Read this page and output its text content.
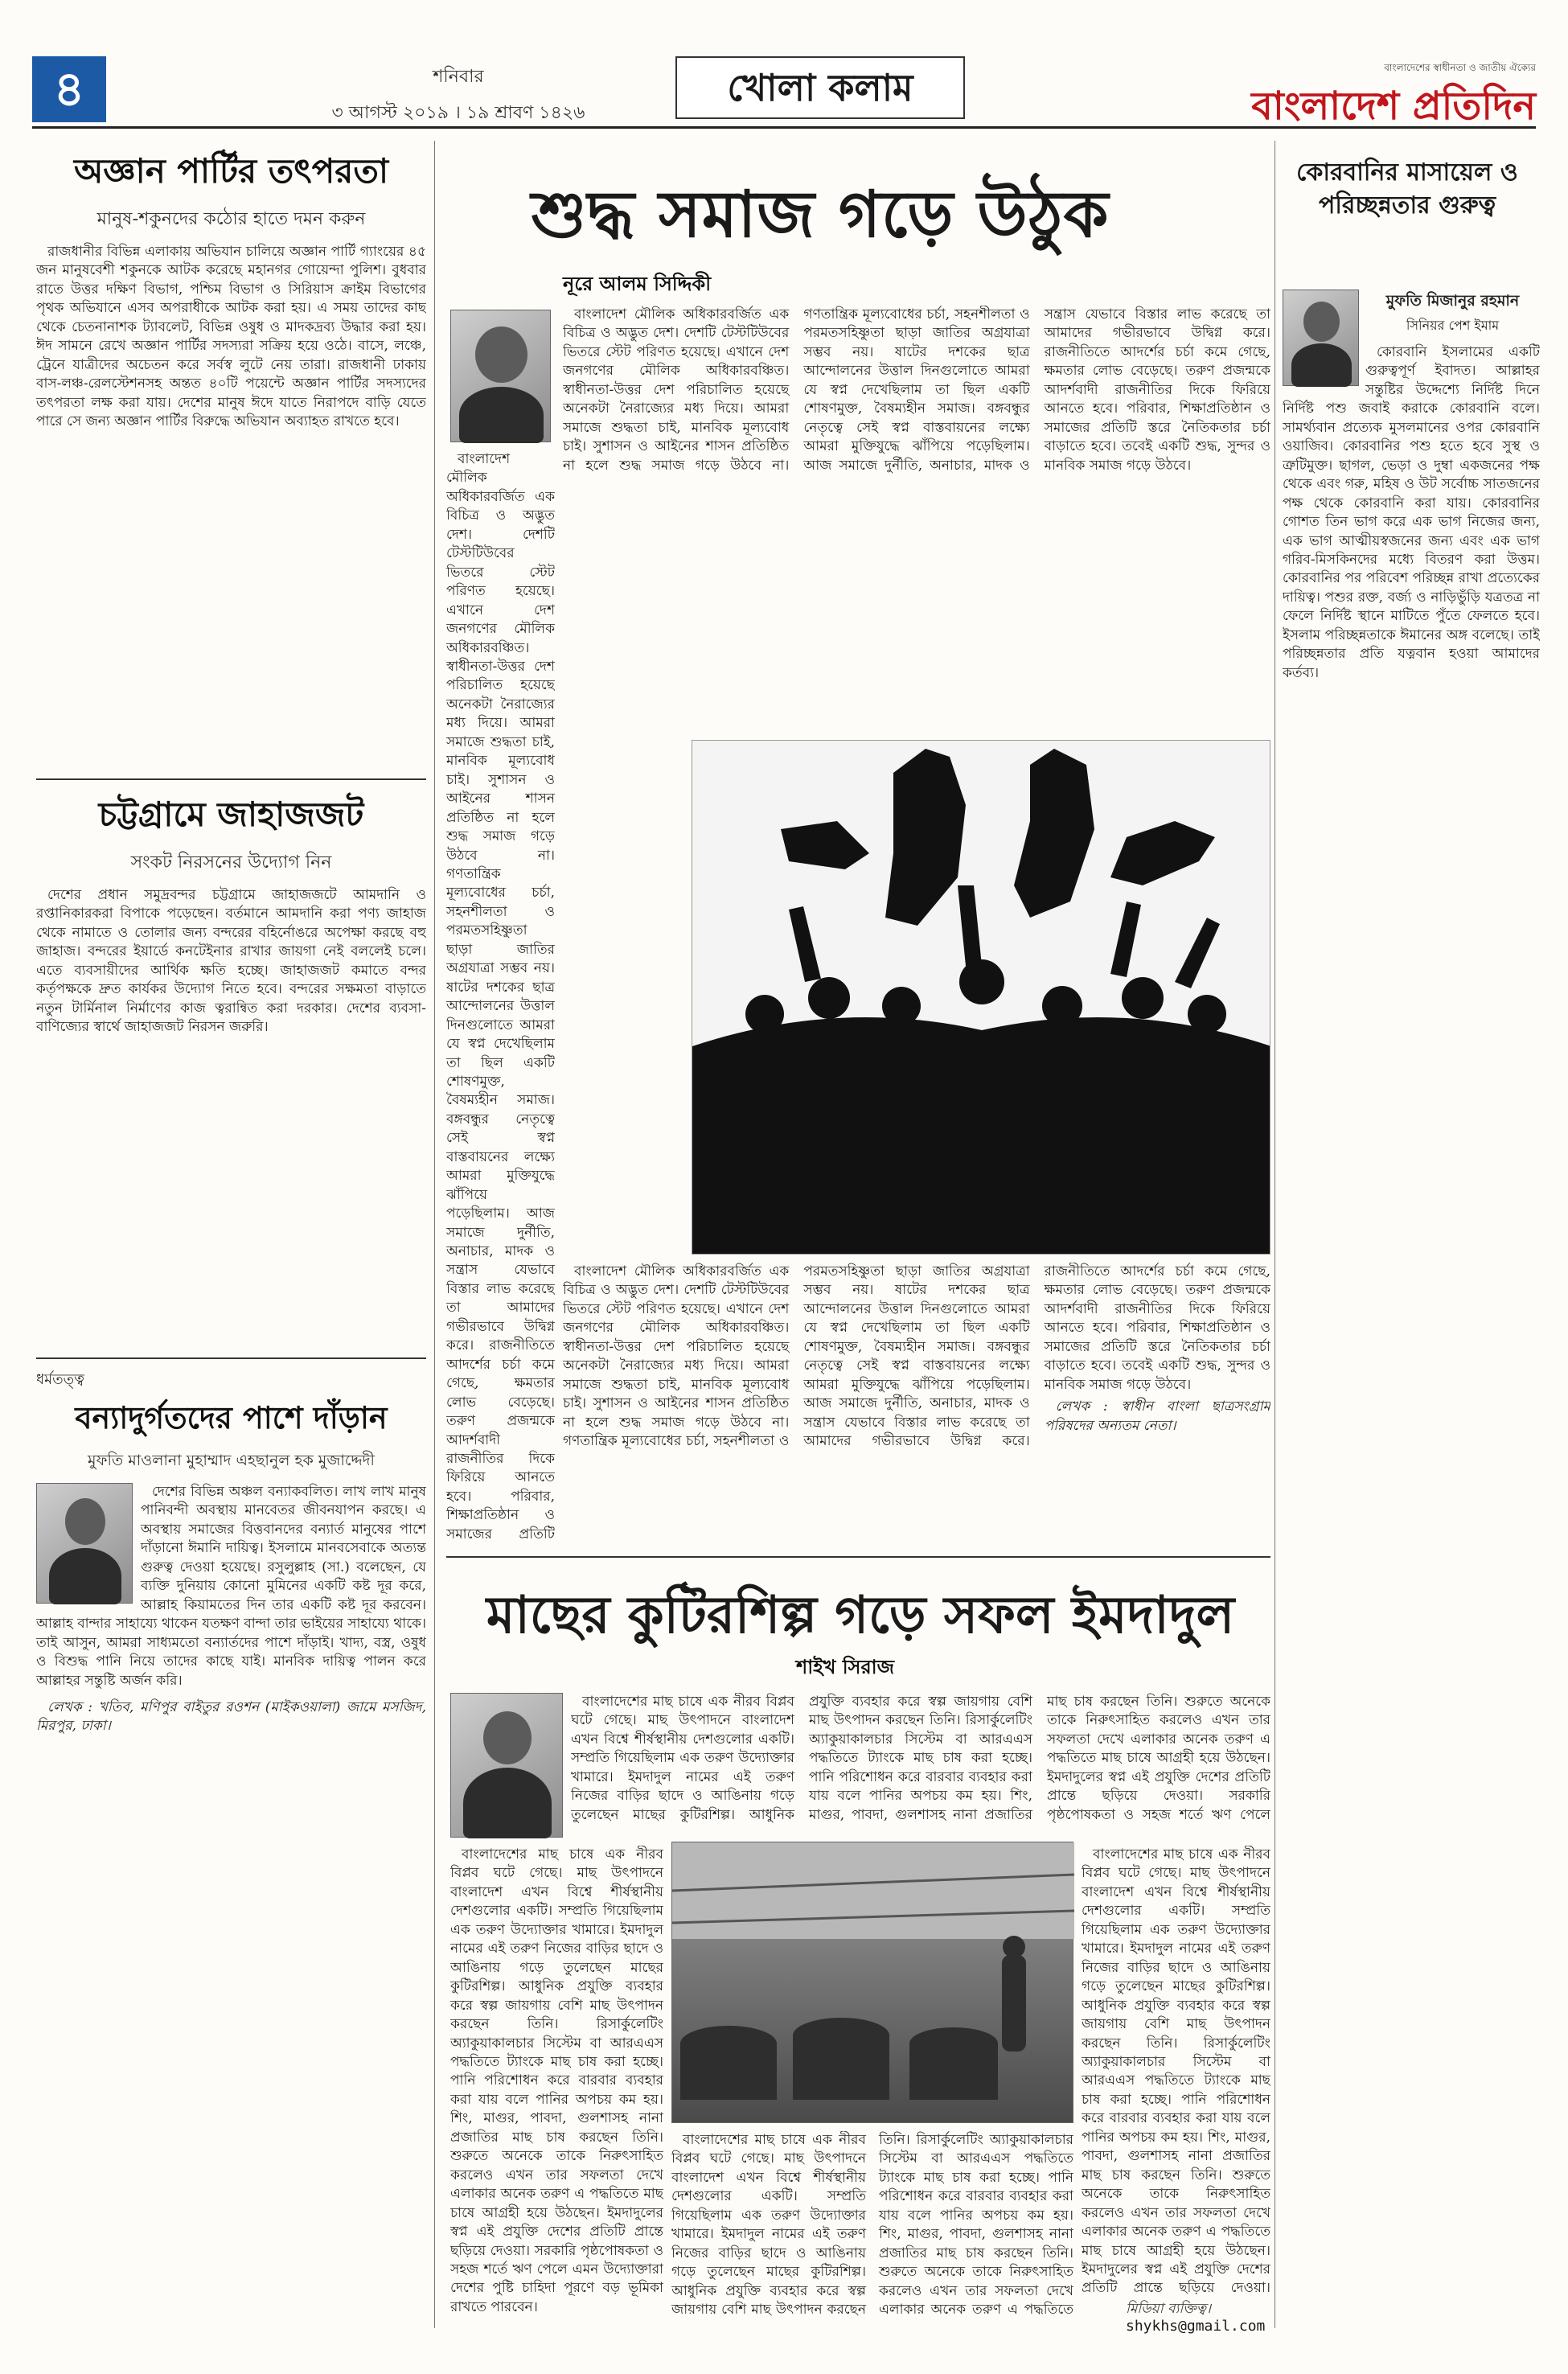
৪	শনিবার
৩ আগস্ট ২০১৯ । ১৯ শ্রাবণ ১৪২৬
খোলা কলাম	বাংলাদেশের স্বাধীনতা ও জাতীয় ঐক্যের
বাংলাদেশ প্রতিদিন
অজ্ঞান পার্টির তৎপরতা
মানুষ-শকুনদের কঠোর হাতে দমন করুন

রাজধানীর বিভিন্ন এলাকায় অভিযান চালিয়ে অজ্ঞান পার্টি গ্যাংয়ের ৪৫ জন মানুষবেশী শকুনকে আটক করেছে মহানগর গোয়েন্দা পুলিশ। বুধবার রাতে উত্তর দক্ষিণ বিভাগ, পশ্চিম বিভাগ ও সিরিয়াস ক্রাইম বিভাগের পৃথক অভিযানে এসব অপরাধীকে আটক করা হয়। এ সময় তাদের কাছ থেকে চেতনানাশক ট্যাবলেট, বিভিন্ন ওষুধ ও মাদকদ্রব্য উদ্ধার করা হয়। ঈদ সামনে রেখে অজ্ঞান পার্টির সদস্যরা সক্রিয় হয়ে ওঠে। বাসে, লঞ্চে, ট্রেনে যাত্রীদের অচেতন করে সর্বস্ব লুটে নেয় তারা। রাজধানী ঢাকায় বাস-লঞ্চ-রেলস্টেশনসহ অন্তত ৪০টি পয়েন্টে অজ্ঞান পার্টির সদস্যদের তৎপরতা লক্ষ করা যায়। দেশের মানুষ ঈদে যাতে নিরাপদে বাড়ি যেতে পারে সে জন্য অজ্ঞান পার্টির বিরুদ্ধে অভিযান অব্যাহত রাখতে হবে।

চট্টগ্রামে জাহাজজট
সংকট নিরসনের উদ্যোগ নিন

দেশের প্রধান সমুদ্রবন্দর চট্টগ্রামে জাহাজজটে আমদানি ও রপ্তানিকারকরা বিপাকে পড়েছেন। বর্তমানে আমদানি করা পণ্য জাহাজ থেকে নামাতে ও তোলার জন্য বন্দরের বহির্নোঙরে অপেক্ষা করছে বহু জাহাজ। বন্দরের ইয়ার্ডে কনটেইনার রাখার জায়গা নেই বললেই চলে। এতে ব্যবসায়ীদের আর্থিক ক্ষতি হচ্ছে। জাহাজজট কমাতে বন্দর কর্তৃপক্ষকে দ্রুত কার্যকর উদ্যোগ নিতে হবে। বন্দরের সক্ষমতা বাড়াতে নতুন টার্মিনাল নির্মাণের কাজ ত্বরান্বিত করা দরকার। দেশের ব্যবসা-বাণিজ্যের স্বার্থে জাহাজজট নিরসন জরুরি।

ধর্মতত্ত্ব
বন্যাদুর্গতদের পাশে দাঁড়ান
মুফতি মাওলানা মুহাম্মাদ এহছানুল হক মুজাদ্দেদী

দেশের বিভিন্ন অঞ্চল বন্যাকবলিত। লাখ লাখ মানুষ পানিবন্দী অবস্থায় মানবেতর জীবনযাপন করছে। এ অবস্থায় সমাজের বিত্তবানদের বন্যার্ত মানুষের পাশে দাঁড়ানো ঈমানি দায়িত্ব। ইসলামে মানবসেবাকে অত্যন্ত গুরুত্ব দেওয়া হয়েছে। রসুলুল্লাহ (সা.) বলেছেন, যে ব্যক্তি দুনিয়ায় কোনো মুমিনের একটি কষ্ট দূর করে, আল্লাহ কিয়ামতের দিন তার একটি কষ্ট দূর করবেন। আল্লাহ বান্দার সাহায্যে থাকেন যতক্ষণ বান্দা তার ভাইয়ের সাহায্যে থাকে। তাই আসুন, আমরা সাধ্যমতো বন্যার্তদের পাশে দাঁড়াই। খাদ্য, বস্ত্র, ওষুধ ও বিশুদ্ধ পানি নিয়ে তাদের কাছে যাই। মানবিক দায়িত্ব পালন করে আল্লাহর সন্তুষ্টি অর্জন করি।

লেখক : খতিব, মণিপুর বাইতুর রওশন (মাইকওয়ালা) জামে মসজিদ, মিরপুর, ঢাকা।

শুদ্ধ সমাজ গড়ে উঠুক
নূরে আলম সিদ্দিকী

বাংলাদেশ মৌলিক অধিকারবর্জিত এক বিচিত্র ও অদ্ভুত দেশ। দেশটি টেস্টটিউবের ভিতরে স্টেট পরিণত হয়েছে। এখানে দেশ জনগণের মৌলিক অধিকারবঞ্চিত। স্বাধীনতা-উত্তর দেশ পরিচালিত হয়েছে অনেকটা নৈরাজ্যের মধ্য দিয়ে। আমরা সমাজে শুদ্ধতা চাই, মানবিক মূল্যবোধ চাই। সুশাসন ও আইনের শাসন প্রতিষ্ঠিত না হলে শুদ্ধ সমাজ গড়ে উঠবে না। গণতান্ত্রিক মূল্যবোধের চর্চা, সহনশীলতা ও পরমতসহিষ্ণুতা ছাড়া জাতির অগ্রযাত্রা সম্ভব নয়। ষাটের দশকের ছাত্র আন্দোলনের উত্তাল দিনগুলোতে আমরা যে স্বপ্ন দেখেছিলাম তা ছিল একটি শোষণমুক্ত, বৈষম্যহীন সমাজ। বঙ্গবন্ধুর নেতৃত্বে সেই স্বপ্ন বাস্তবায়নের লক্ষ্যে আমরা মুক্তিযুদ্ধে ঝাঁপিয়ে পড়েছিলাম। আজ সমাজে দুর্নীতি, অনাচার, মাদক ও সন্ত্রাস যেভাবে বিস্তার লাভ করেছে তা আমাদের গভীরভাবে উদ্বিগ্ন করে। রাজনীতিতে আদর্শের চর্চা কমে গেছে, ক্ষমতার লোভ বেড়েছে। তরুণ প্রজন্মকে আদর্শবাদী রাজনীতির দিকে ফিরিয়ে আনতে হবে। পরিবার, শিক্ষাপ্রতিষ্ঠান ও সমাজের প্রতিটি স্তরে নৈতিকতার চর্চা বাড়াতে হবে। তবেই একটি শুদ্ধ, সুন্দর ও মানবিক সমাজ গড়ে উঠবে।

বাংলাদেশ মৌলিক অধিকারবর্জিত এক বিচিত্র ও অদ্ভুত দেশ। দেশটি টেস্টটিউবের ভিতরে স্টেট পরিণত হয়েছে। এখানে দেশ জনগণের মৌলিক অধিকারবঞ্চিত। স্বাধীনতা-উত্তর দেশ পরিচালিত হয়েছে অনেকটা নৈরাজ্যের মধ্য দিয়ে। আমরা সমাজে শুদ্ধতা চাই, মানবিক মূল্যবোধ চাই। সুশাসন ও আইনের শাসন প্রতিষ্ঠিত না হলে শুদ্ধ সমাজ গড়ে উঠবে না। গণতান্ত্রিক মূল্যবোধের চর্চা, সহনশীলতা ও পরমতসহিষ্ণুতা ছাড়া জাতির অগ্রযাত্রা সম্ভব নয়। ষাটের দশকের ছাত্র আন্দোলনের উত্তাল দিনগুলোতে আমরা যে স্বপ্ন দেখেছিলাম তা ছিল একটি শোষণমুক্ত, বৈষম্যহীন সমাজ। বঙ্গবন্ধুর নেতৃত্বে সেই স্বপ্ন বাস্তবায়নের লক্ষ্যে আমরা মুক্তিযুদ্ধে ঝাঁপিয়ে পড়েছিলাম। আজ সমাজে দুর্নীতি, অনাচার, মাদক ও সন্ত্রাস যেভাবে বিস্তার লাভ করেছে তা আমাদের গভীরভাবে উদ্বিগ্ন করে। রাজনীতিতে আদর্শের চর্চা কমে গেছে, ক্ষমতার লোভ বেড়েছে। তরুণ প্রজন্মকে আদর্শবাদী রাজনীতির দিকে ফিরিয়ে আনতে হবে। পরিবার, শিক্ষাপ্রতিষ্ঠান ও সমাজের প্রতিটি

বাংলাদেশ মৌলিক অধিকারবর্জিত এক বিচিত্র ও অদ্ভুত দেশ। দেশটি টেস্টটিউবের ভিতরে স্টেট পরিণত হয়েছে। এখানে দেশ জনগণের মৌলিক অধিকারবঞ্চিত। স্বাধীনতা-উত্তর দেশ পরিচালিত হয়েছে অনেকটা নৈরাজ্যের মধ্য দিয়ে। আমরা সমাজে শুদ্ধতা চাই, মানবিক মূল্যবোধ চাই। সুশাসন ও আইনের শাসন প্রতিষ্ঠিত না হলে শুদ্ধ সমাজ গড়ে উঠবে না। গণতান্ত্রিক মূল্যবোধের চর্চা, সহনশীলতা ও পরমতসহিষ্ণুতা ছাড়া জাতির অগ্রযাত্রা সম্ভব নয়। ষাটের দশকের ছাত্র আন্দোলনের উত্তাল দিনগুলোতে আমরা যে স্বপ্ন দেখেছিলাম তা ছিল একটি শোষণমুক্ত, বৈষম্যহীন সমাজ। বঙ্গবন্ধুর নেতৃত্বে সেই স্বপ্ন বাস্তবায়নের লক্ষ্যে আমরা মুক্তিযুদ্ধে ঝাঁপিয়ে পড়েছিলাম। আজ সমাজে দুর্নীতি, অনাচার, মাদক ও সন্ত্রাস যেভাবে বিস্তার লাভ করেছে তা আমাদের গভীরভাবে উদ্বিগ্ন করে। রাজনীতিতে আদর্শের চর্চা কমে গেছে, ক্ষমতার লোভ বেড়েছে। তরুণ প্রজন্মকে আদর্শবাদী রাজনীতির দিকে ফিরিয়ে আনতে হবে। পরিবার, শিক্ষাপ্রতিষ্ঠান ও সমাজের প্রতিটি স্তরে নৈতিকতার চর্চা বাড়াতে হবে। তবেই একটি শুদ্ধ, সুন্দর ও মানবিক সমাজ গড়ে উঠবে।

লেখক : স্বাধীন বাংলা ছাত্রসংগ্রাম পরিষদের অন্যতম নেতা।

কোরবানির মাসায়েল ও পরিচ্ছন্নতার গুরুত্ব
মুফতি মিজানুর রহমান
সিনিয়র পেশ ইমাম

কোরবানি ইসলামের একটি গুরুত্বপূর্ণ ইবাদত। আল্লাহর সন্তুষ্টির উদ্দেশ্যে নির্দিষ্ট দিনে নির্দিষ্ট পশু জবাই করাকে কোরবানি বলে। সামর্থ্যবান প্রত্যেক মুসলমানের ওপর কোরবানি ওয়াজিব। কোরবানির পশু হতে হবে সুস্থ ও ত্রুটিমুক্ত। ছাগল, ভেড়া ও দুম্বা একজনের পক্ষ থেকে এবং গরু, মহিষ ও উট সর্বোচ্চ সাতজনের পক্ষ থেকে কোরবানি করা যায়। কোরবানির গোশত তিন ভাগ করে এক ভাগ নিজের জন্য, এক ভাগ আত্মীয়স্বজনের জন্য এবং এক ভাগ গরিব-মিসকিনদের মধ্যে বিতরণ করা উত্তম। কোরবানির পর পরিবেশ পরিচ্ছন্ন রাখা প্রত্যেকের দায়িত্ব। পশুর রক্ত, বর্জ্য ও নাড়িভুঁড়ি যত্রতত্র না ফেলে নির্দিষ্ট স্থানে মাটিতে পুঁতে ফেলতে হবে। ইসলাম পরিচ্ছন্নতাকে ঈমানের অঙ্গ বলেছে। তাই পরিচ্ছন্নতার প্রতি যত্নবান হওয়া আমাদের কর্তব্য।

মাছের কুটিরশিল্প গড়ে সফল ইমদাদুল
শাইখ সিরাজ

বাংলাদেশের মাছ চাষে এক নীরব বিপ্লব ঘটে গেছে। মাছ উৎপাদনে বাংলাদেশ এখন বিশ্বে শীর্ষস্থানীয় দেশগুলোর একটি। সম্প্রতি গিয়েছিলাম এক তরুণ উদ্যোক্তার খামারে। ইমদাদুল নামের এই তরুণ নিজের বাড়ির ছাদে ও আঙিনায় গড়ে তুলেছেন মাছের কুটিরশিল্প। আধুনিক প্রযুক্তি ব্যবহার করে স্বল্প জায়গায় বেশি মাছ উৎপাদন করছেন তিনি। রিসার্কুলেটিং অ্যাকুয়াকালচার সিস্টেম বা আরএএস পদ্ধতিতে ট্যাংকে মাছ চাষ করা হচ্ছে। পানি পরিশোধন করে বারবার ব্যবহার করা যায় বলে পানির অপচয় কম হয়। শিং, মাগুর, পাবদা, গুলশাসহ নানা প্রজাতির মাছ চাষ করছেন তিনি। শুরুতে অনেকে তাকে নিরুৎসাহিত করলেও এখন তার সফলতা দেখে এলাকার অনেক তরুণ এ পদ্ধতিতে মাছ চাষে আগ্রহী হয়ে উঠছেন। ইমদাদুলের স্বপ্ন এই প্রযুক্তি দেশের প্রতিটি প্রান্তে ছড়িয়ে দেওয়া। সরকারি পৃষ্ঠপোষকতা ও সহজ শর্তে ঋণ পেলে

বাংলাদেশের মাছ চাষে এক নীরব বিপ্লব ঘটে গেছে। মাছ উৎপাদনে বাংলাদেশ এখন বিশ্বে শীর্ষস্থানীয় দেশগুলোর একটি। সম্প্রতি গিয়েছিলাম এক তরুণ উদ্যোক্তার খামারে। ইমদাদুল নামের এই তরুণ নিজের বাড়ির ছাদে ও আঙিনায় গড়ে তুলেছেন মাছের কুটিরশিল্প। আধুনিক প্রযুক্তি ব্যবহার করে স্বল্প জায়গায় বেশি মাছ উৎপাদন করছেন তিনি। রিসার্কুলেটিং অ্যাকুয়াকালচার সিস্টেম বা আরএএস পদ্ধতিতে ট্যাংকে মাছ চাষ করা হচ্ছে। পানি পরিশোধন করে বারবার ব্যবহার করা যায় বলে পানির অপচয় কম হয়। শিং, মাগুর, পাবদা, গুলশাসহ নানা প্রজাতির মাছ চাষ করছেন তিনি। শুরুতে অনেকে তাকে নিরুৎসাহিত করলেও এখন তার সফলতা দেখে এলাকার অনেক তরুণ এ পদ্ধতিতে মাছ চাষে আগ্রহী হয়ে উঠছেন। ইমদাদুলের স্বপ্ন এই প্রযুক্তি দেশের প্রতিটি প্রান্তে ছড়িয়ে দেওয়া। সরকারি পৃষ্ঠপোষকতা ও সহজ শর্তে ঋণ পেলে এমন উদ্যোক্তারা দেশের পুষ্টি চাহিদা পূরণে বড় ভূমিকা রাখতে পারবেন।

বাংলাদেশের মাছ চাষে এক নীরব বিপ্লব ঘটে গেছে। মাছ উৎপাদনে বাংলাদেশ এখন বিশ্বে শীর্ষস্থানীয় দেশগুলোর একটি। সম্প্রতি গিয়েছিলাম এক তরুণ উদ্যোক্তার খামারে। ইমদাদুল নামের এই তরুণ নিজের বাড়ির ছাদে ও আঙিনায় গড়ে তুলেছেন মাছের কুটিরশিল্প। আধুনিক প্রযুক্তি ব্যবহার করে স্বল্প জায়গায় বেশি মাছ উৎপাদন করছেন তিনি। রিসার্কুলেটিং অ্যাকুয়াকালচার সিস্টেম বা আরএএস পদ্ধতিতে ট্যাংকে মাছ চাষ করা হচ্ছে। পানি পরিশোধন করে বারবার ব্যবহার করা যায় বলে পানির অপচয় কম হয়। শিং, মাগুর, পাবদা, গুলশাসহ নানা প্রজাতির মাছ চাষ করছেন তিনি। শুরুতে অনেকে তাকে নিরুৎসাহিত করলেও এখন তার সফলতা দেখে এলাকার অনেক তরুণ এ পদ্ধতিতে মাছ চাষে আগ্রহী হয়ে উঠছেন। ইমদাদুলের স্বপ্ন এই প্রযুক্তি দেশের প্রতিটি প্রান্তে ছড়িয়ে দেওয়া।

বাংলাদেশের মাছ চাষে এক নীরব বিপ্লব ঘটে গেছে। মাছ উৎপাদনে বাংলাদেশ এখন বিশ্বে শীর্ষস্থানীয় দেশগুলোর একটি। সম্প্রতি গিয়েছিলাম এক তরুণ উদ্যোক্তার খামারে। ইমদাদুল নামের এই তরুণ নিজের বাড়ির ছাদে ও আঙিনায় গড়ে তুলেছেন মাছের কুটিরশিল্প। আধুনিক প্রযুক্তি ব্যবহার করে স্বল্প জায়গায় বেশি মাছ উৎপাদন করছেন তিনি। রিসার্কুলেটিং অ্যাকুয়াকালচার সিস্টেম বা আরএএস পদ্ধতিতে ট্যাংকে মাছ চাষ করা হচ্ছে। পানি পরিশোধন করে বারবার ব্যবহার করা যায় বলে পানির অপচয় কম হয়। শিং, মাগুর, পাবদা, গুলশাসহ নানা প্রজাতির মাছ চাষ করছেন তিনি। শুরুতে অনেকে তাকে নিরুৎসাহিত করলেও এখন তার সফলতা দেখে এলাকার অনেক তরুণ এ পদ্ধতিতে	মিডিয়া ব্যক্তিত্ব।
shykhs@gmail.com
